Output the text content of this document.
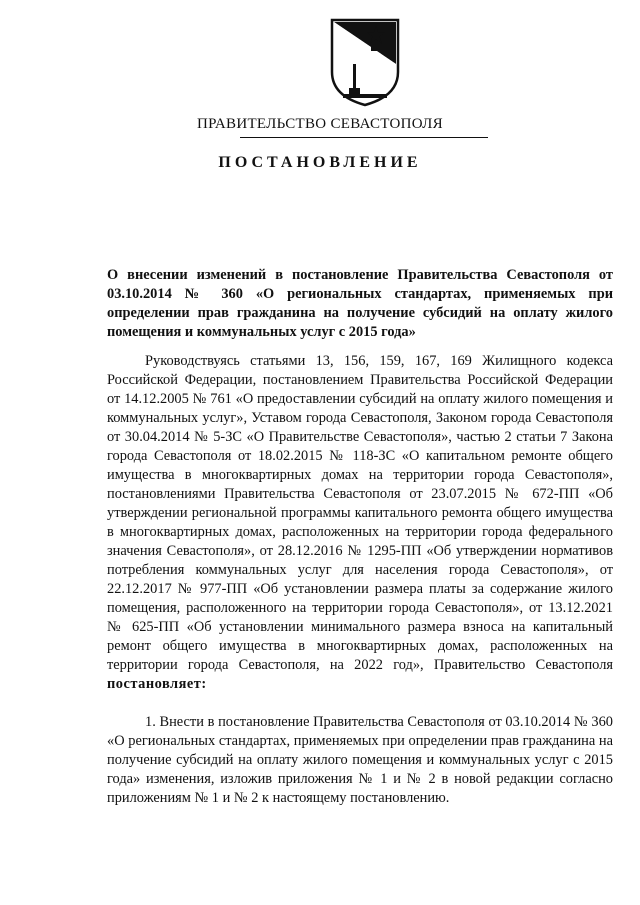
ПРАВИТЕЛЬСТВО СЕВАСТОПОЛЯ
ПОСТАНОВЛЕНИЕ
О внесении изменений в постановление Правительства Севастополя от 03.10.2014 № 360 «О региональных стандартах, применяемых при определении прав гражданина на получение субсидий на оплату жилого помещения и коммунальных услуг с 2015 года»

Руководствуясь статьями 13, 156, 159, 167, 169 Жилищного кодекса Российской Федерации, постановлением Правительства Российской Федерации от 14.12.2005 № 761 «О предоставлении субсидий на оплату жилого помещения и коммунальных услуг», Уставом города Севастополя, Законом города Севастополя от 30.04.2014 № 5-ЗС «О Правительстве Севастополя», частью 2 статьи 7 Закона города Севастополя от 18.02.2015 № 118-ЗС «О капитальном ремонте общего имущества в многоквартирных домах на территории города Севастополя», постановлениями Правительства Севастополя от 23.07.2015 № 672-ПП «Об утверждении региональной программы капитального ремонта общего имущества в многоквартирных домах, расположенных на территории города федерального значения Севастополя», от 28.12.2016 № 1295-ПП «Об утверждении нормативов потребления коммунальных услуг для населения города Севастополя», от 22.12.2017 № 977-ПП «Об установлении размера платы за содержание жилого помещения, расположенного на территории города Севастополя», от 13.12.2021 № 625-ПП «Об установлении минимального размера взноса на капитальный ремонт общего имущества в многоквартирных домах, расположенных на территории города Севастополя, на 2022 год», Правительство Севастополя постановляет:

1. Внести в постановление Правительства Севастополя от 03.10.2014 № 360 «О региональных стандартах, применяемых при определении прав гражданина на получение субсидий на оплату жилого помещения и коммунальных услуг с 2015 года» изменения, изложив приложения № 1 и № 2 в новой редакции согласно приложениям № 1 и № 2 к настоящему постановлению.
